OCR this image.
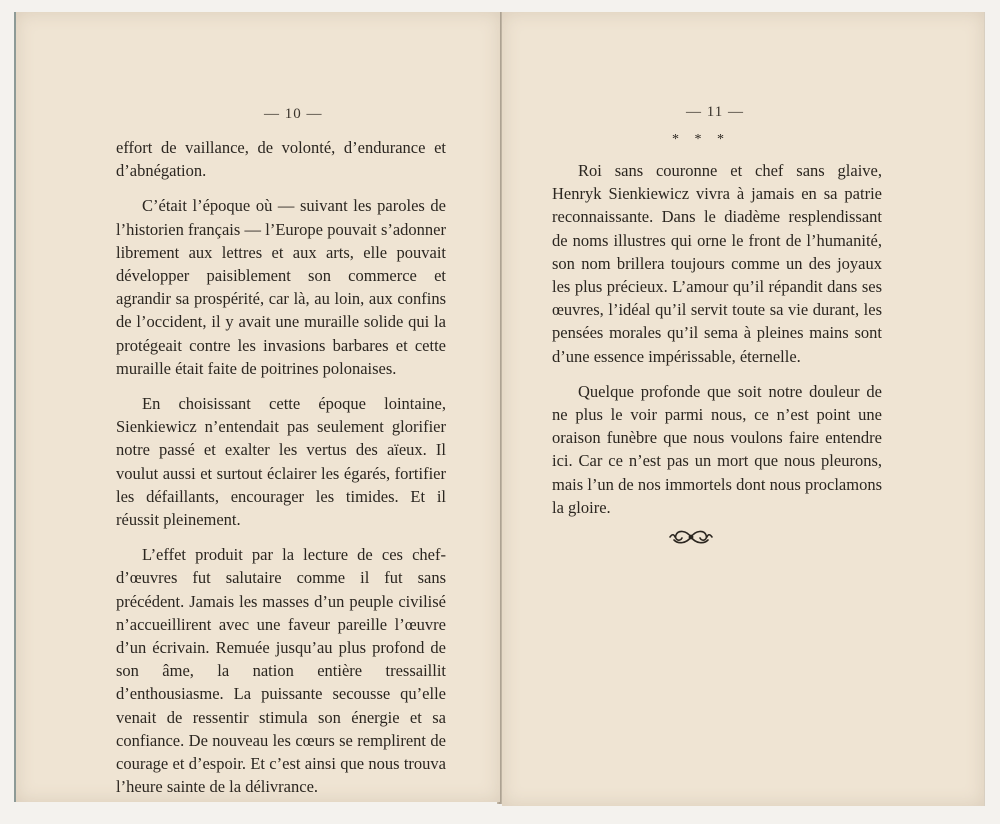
— 10 —

effort de vaillance, de volonté, d’endurance et d’abnégation.

C’était l’époque où — suivant les paroles de l’historien français — l’Europe pouvait s’adonner librement aux lettres et aux arts, elle pouvait développer paisiblement son commerce et agrandir sa prospérité, car là, au loin, aux confins de l’occident, il y avait une muraille solide qui la protégeait contre les invasions barbares et cette muraille était faite de poitrines polonaises.

En choisissant cette époque lointaine, Sienkiewicz n’entendait pas seulement glorifier notre passé et exalter les vertus des aïeux. Il voulut aussi et surtout éclairer les égarés, fortifier les défaillants, encourager les timides. Et il réussit pleinement.

L’effet produit par la lecture de ces chef-d’œuvres fut salutaire comme il fut sans précédent. Jamais les masses d’un peuple civilisé n’accueillirent avec une faveur pareille l’œuvre d’un écrivain. Remuée jusqu’au plus profond de son âme, la nation entière tressaillit d’enthousiasme. La puissante secousse qu’elle venait de ressentir stimula son énergie et sa confiance. De nouveau les cœurs se remplirent de courage et d’espoir. Et c’est ainsi que nous trouva l’heure sainte de la délivrance.

— 11 —
* * *

Roi sans couronne et chef sans glaive, Henryk Sienkiewicz vivra à jamais en sa patrie reconnaissante. Dans le diadème resplendissant de noms illustres qui orne le front de l’humanité, son nom brillera toujours comme un des joyaux les plus précieux. L’amour qu’il répandit dans ses œuvres, l’idéal qu’il servit toute sa vie durant, les pensées morales qu’il sema à pleines mains sont d’une essence impérissable, éternelle.

Quelque profonde que soit notre douleur de ne plus le voir parmi nous, ce n’est point une oraison funèbre que nous voulons faire entendre ici. Car ce n’est pas un mort que nous pleurons, mais l’un de nos immortels dont nous proclamons la gloire.
